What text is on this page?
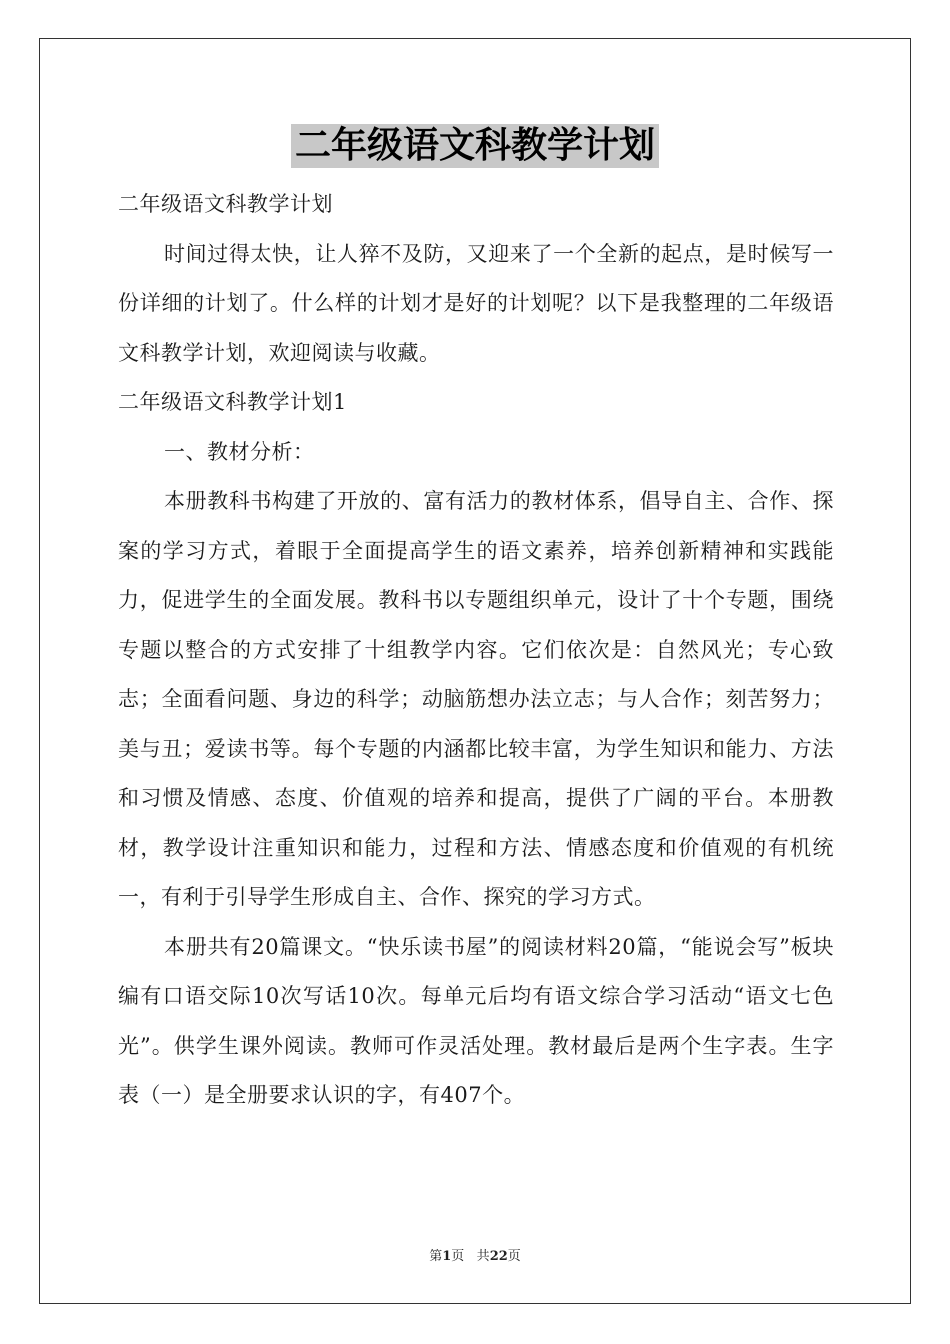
二年级语文科教学计划

二年级语文科教学计划

时间过得太快，让人猝不及防，又迎来了一个全新的起点，是时候写一份详细的计划了。什么样的计划才是好的计划呢？以下是我整理的二年级语文科教学计划，欢迎阅读与收藏。

二年级语文科教学计划1

一、教材分析：

本册教科书构建了开放的、富有活力的教材体系，倡导自主、合作、探案的学习方式，着眼于全面提高学生的语文素养，培养创新精神和实践能力，促进学生的全面发展。教科书以专题组织单元，设计了十个专题，围绕专题以整合的方式安排了十组教学内容。它们依次是：自然风光；专心致志；全面看问题、身边的科学；动脑筋想办法立志；与人合作；刻苦努力；美与丑；爱读书等。每个专题的内涵都比较丰富，为学生知识和能力、方法和习惯及情感、态度、价值观的培养和提高，提供了广阔的平台。本册教材，教学设计注重知识和能力，过程和方法、情感态度和价值观的有机统一，有利于引导学生形成自主、合作、探究的学习方式。

本册共有20篇课文。“快乐读书屋”的阅读材料20篇，“能说会写”板块编有口语交际10次写话10次。每单元后均有语文综合学习活动“语文七色光”。供学生课外阅读。教师可作灵活处理。教材最后是两个生字表。生字表（一）是全册要求认识的字，有407个。

第1页 共22页
